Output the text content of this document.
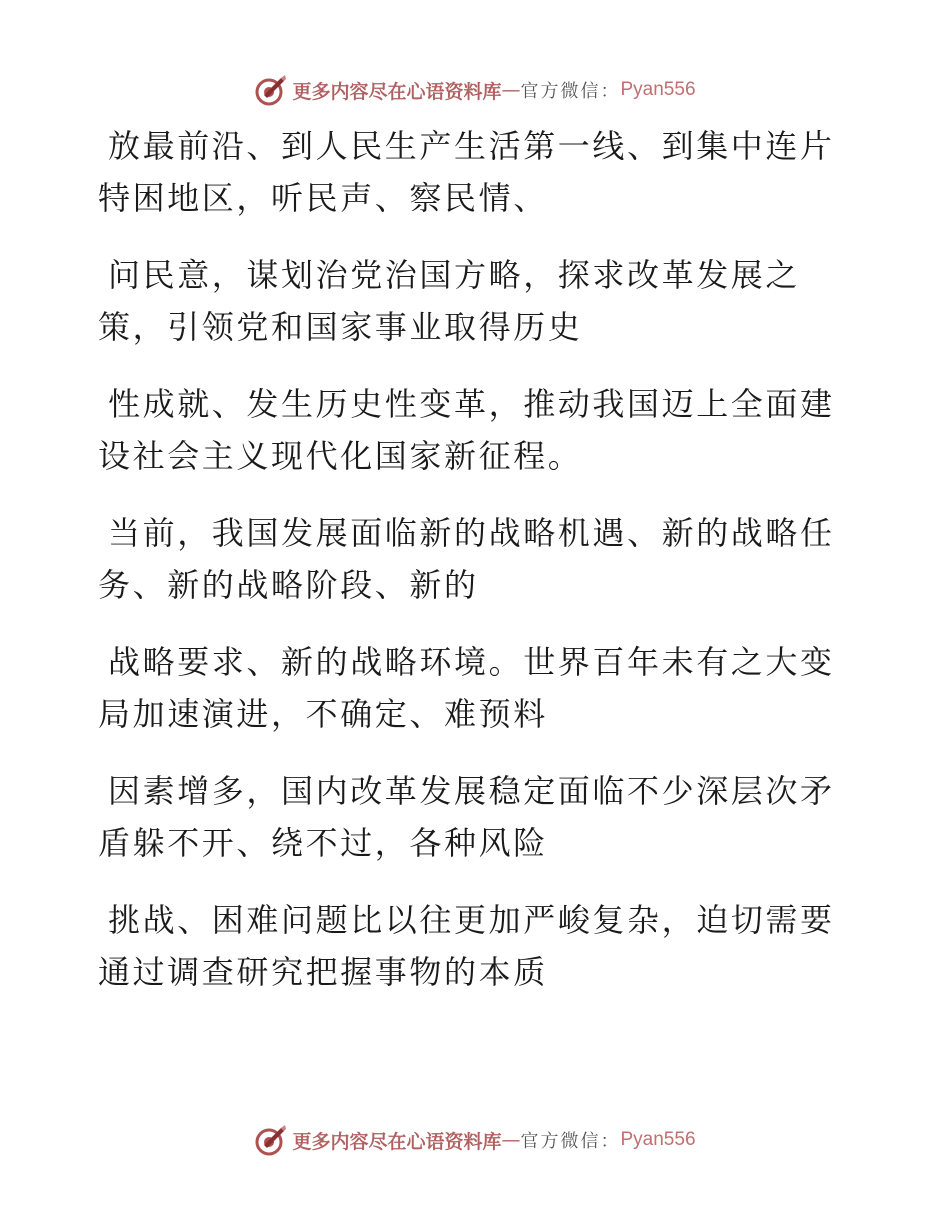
更多内容尽在心语资料库 — 官方微信： Pyan556
放最前沿、到人民生产生活第一线、到集中连片
特困地区，听民声、察民情、
问民意，谋划治党治国方略，探求改革发展之
策，引领党和国家事业取得历史
性成就、发生历史性变革，推动我国迈上全面建
设社会主义现代化国家新征程。
当前，我国发展面临新的战略机遇、新的战略任
务、新的战略阶段、新的
战略要求、新的战略环境。世界百年未有之大变
局加速演进，不确定、难预料
因素增多，国内改革发展稳定面临不少深层次矛
盾躲不开、绕不过，各种风险
挑战、困难问题比以往更加严峻复杂，迫切需要
通过调查研究把握事物的本质
更多内容尽在心语资料库 — 官方微信： Pyan556
